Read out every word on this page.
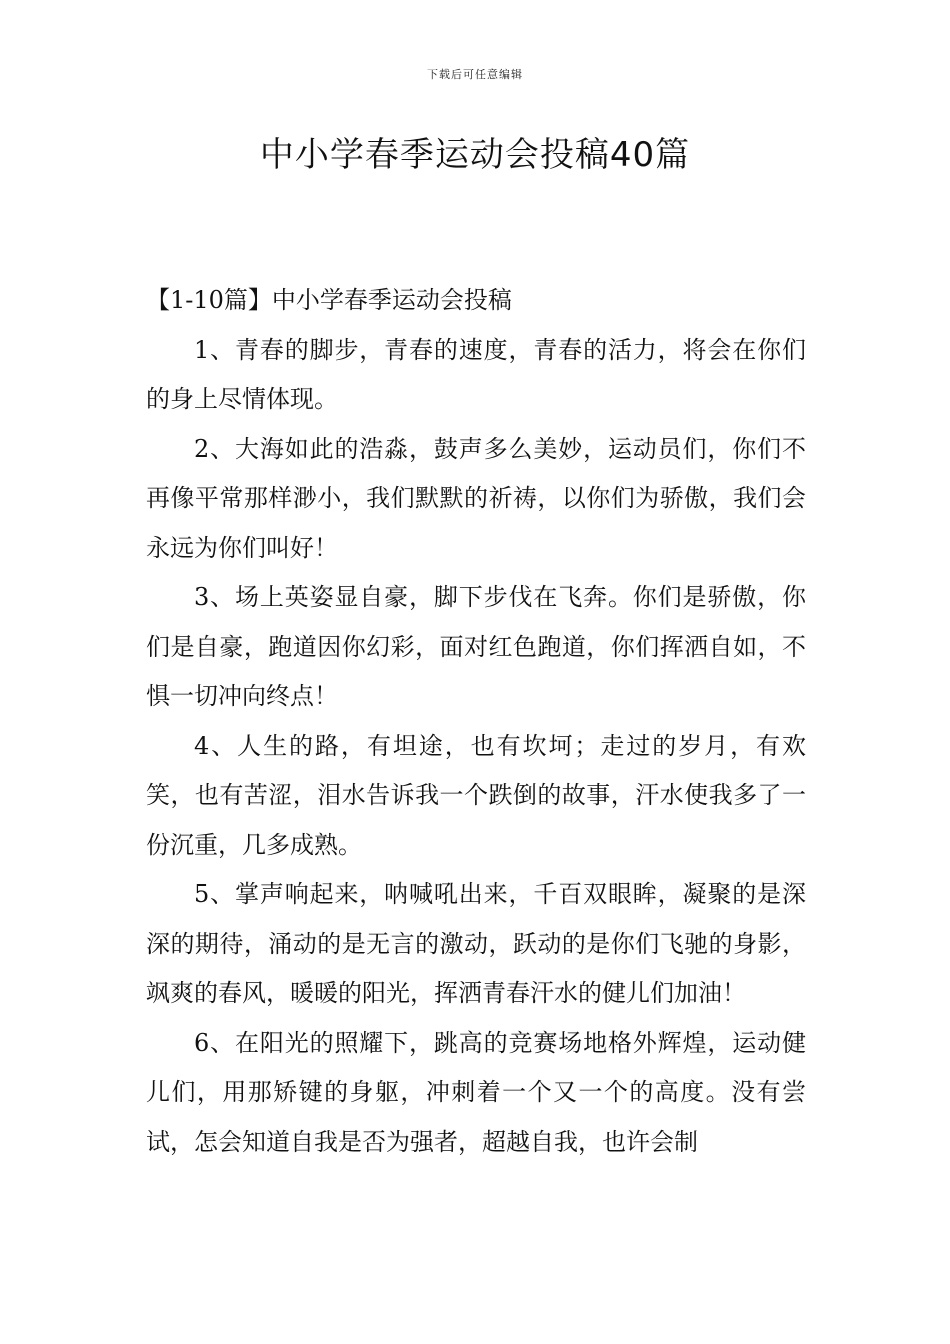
下载后可任意编辑
中小学春季运动会投稿40篇

【1-10篇】中小学春季运动会投稿

1、青春的脚步，青春的速度，青春的活力，将会在你们的身上尽情体现。

2、大海如此的浩淼，鼓声多么美妙，运动员们，你们不再像平常那样渺小，我们默默的祈祷，以你们为骄傲，我们会永远为你们叫好！

3、场上英姿显自豪，脚下步伐在飞奔。你们是骄傲，你们是自豪，跑道因你幻彩，面对红色跑道，你们挥洒自如，不惧一切冲向终点！

4、人生的路，有坦途，也有坎坷；走过的岁月，有欢笑，也有苦涩，泪水告诉我一个跌倒的故事，汗水使我多了一份沉重，几多成熟。

5、掌声响起来，呐喊吼出来，千百双眼眸，凝聚的是深深的期待，涌动的是无言的激动，跃动的是你们飞驰的身影，飒爽的春风，暖暖的阳光，挥洒青春汗水的健儿们加油！

6、在阳光的照耀下，跳高的竞赛场地格外辉煌，运动健儿们，用那矫键的身躯，冲刺着一个又一个的高度。没有尝试，怎会知道自我是否为强者，超越自我，也许会制
